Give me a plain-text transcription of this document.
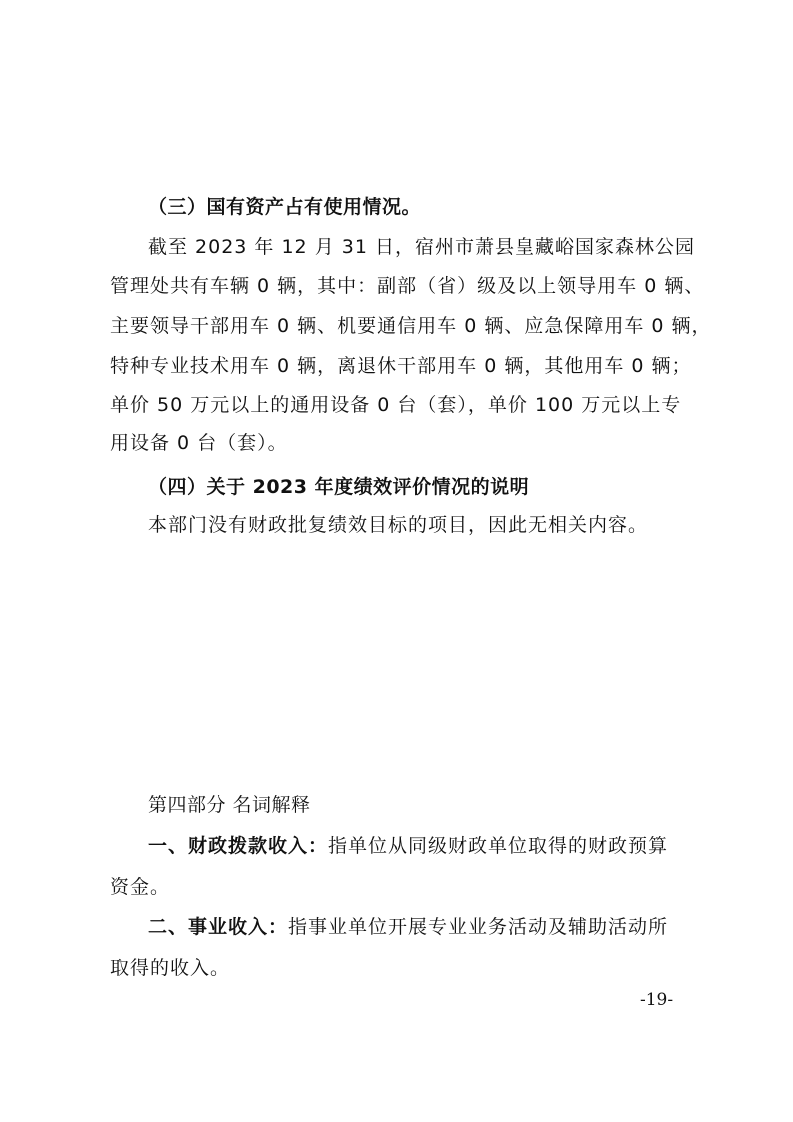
（三）国有资产占有使用情况。
截至 2023 年 12 月 31 日，宿州市萧县皇藏峪国家森林公园
管理处共有车辆 0 辆，其中：副部（省）级及以上领导用车 0 辆、
主要领导干部用车 0 辆、机要通信用车 0 辆、应急保障用车 0 辆，
特种专业技术用车 0 辆，离退休干部用车 0 辆，其他用车 0 辆；
单价 50 万元以上的通用设备 0 台（套），单价 100 万元以上专
用设备 0 台（套）。
（四）关于 2023 年度绩效评价情况的说明
本部门没有财政批复绩效目标的项目，因此无相关内容。
第四部分 名词解释
一、财政拨款收入：指单位从同级财政单位取得的财政预算
资金。
二、事业收入：指事业单位开展专业业务活动及辅助活动所
取得的收入。
-19-
